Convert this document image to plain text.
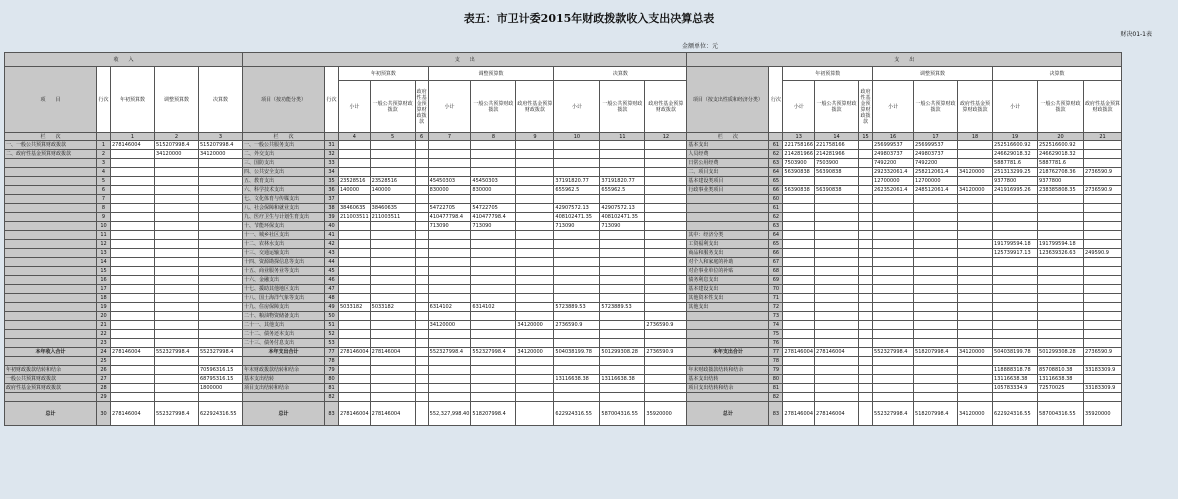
表五：市卫计委2015年财政拨款收入支出决算总表
财决01-1表
金额单位：元
收　　入					支　　出											支　　出										
项　　目	行次	年初预算数	调整预算数	决算数	项目（按功能分类）	行次	年初预算数			调整预算数			决算数			项目（按支出性质和经济分类）	行次	年初预算数			调整预算数			决算数		
							小计	一般公共预算财政拨款	政府性基金预算财政拨款	小计	一般公共预算财政拨款	政府性基金预算财政拨款	小计	一般公共预算财政拨款	政府性基金预算财政拨款			小计	一般公共预算财政拨款	政府性基金预算财政拨款	小计	一般公共预算财政拨款	政府性基金预算财政拨款	小计	一般公共预算财政拨款	政府性基金预算财政拨款
栏　　次		1	2	3	栏　　次		4	5	6	7	8	9	10	11	12	栏　　次		13	14	15	16	17	18	19	20	21
一、一般公共预算财政拨款	1	278146004	515207998.4	515207998.4	一、一般公共服务支出	31										基本支出	61	221758166	221758166		256999537	256999537		252516600.92	252516600.92	
二、政府性基金预算财政拨款	2		34120000	34120000	二、外交支出	32										人员经费	62	214281966	214281966		249803737	249803737		246629018.32	246629018.32	
	3				三、国防支出	33										日常公用经费	63	7503900	7503900		7492200	7492200		5887781.6	5887781.6	
	4				四、公共安全支出	34										二、项目支出	64	56390838	56390838		292332061.4	258212061.4	34120000	251313299.25	218762708.36	2736590.9
	5				五、教育支出	35	23528516	23528516		45450303	45450303		37191820.77	37191820.77		基本建设类项目	65				12700000	12700000		9377800	9377800	
	6				六、科学技术支出	36	140000	140000		830000	830000		655962.5	655962.5		行政事业类项目	66	56390838	56390838		262352061.4	248512061.4	34120000	241916995.26	238385808.35	2736590.9
	7				七、文化体育与传媒支出	37											60									
	8				八、社会保障和就业支出	38	38460635	38460635		54722705	54722705		42907572.13	42907572.13			61									
	9				九、医疗卫生与计划生育支出	39	211003511	211003511		410477798.4	410477798.4		408102471.35	408102471.35			62									
	10				十、节能环保支出	40				713090	713090		713090	713090			63									
	11				十一、城乡社区支出	41										其中：经济分类	64									
	12				十二、农林水支出	42										工资福利支出	65							191799594.18	191799594.18	
	13				十三、交通运输支出	43										商品和服务支出	66							125739917.13	123639326.63	249590.9
	14				十四、资源勘探信息等支出	44										对个人和家庭的补助	67									
	15				十五、商业服务业等支出	45										对企事业单位的补贴	68									
	16				十六、金融支出	46										债务利息支出	69									
	17				十七、援助其他地区支出	47										基本建设支出	70									
	18				十八、国土海洋气象等支出	48										其他资本性支出	71									
	19				十九、住房保障支出	49	5033182	5033182		6314102	6314102		5723889.53	5723889.53		其他支出	72									
	20				二十、粮油物资储备支出	50											73									
	21				二十一、其他支出	51				34120000		34120000	2736590.9		2736590.9		74									
	22				二十二、债务还本支出	52											75									
	23				二十三、债务付息支出	53											76									
本年收入合计	24	278146004	552327998.4	552327998.4	本年支出合计	77	278146004	278146004		552327998.4	552327998.4	34120000	504038199.78	501299308.28	2736590.9	本年支出合计	77	278146004	278146004		552327998.4	518207998.4	34120000	504038199.78	501299308.28	2736590.9
	25					78											78									
年初财政拨款结转和结余	26			70596316.15	年末财政拨款结转和结余	79										年末财政拨款结转和结余	79							118888318.78	85708810.38	33183309.9
一般公共预算财政拨款	27			68795316.15	基本支出结转	80							13116638.38	13116638.38		基本支出结转	80							13116638.38	13116638.38	
政府性基金预算财政拨款	28			1800000	项目支出结转和结余	81										项目支出结转和结余	81							105783334.9	72570025	33183309.9
	29					82											82									
总计	30	278146004	552327998.4	622924316.55	总计	83	278146004	278146004		552,327,998.40	518207998.4		622924316.55	587004316.55	35920000	总计	83	278146004	278146004		552327998.4	518207998.4	34120000	622924316.55	587004316.55	35920000
